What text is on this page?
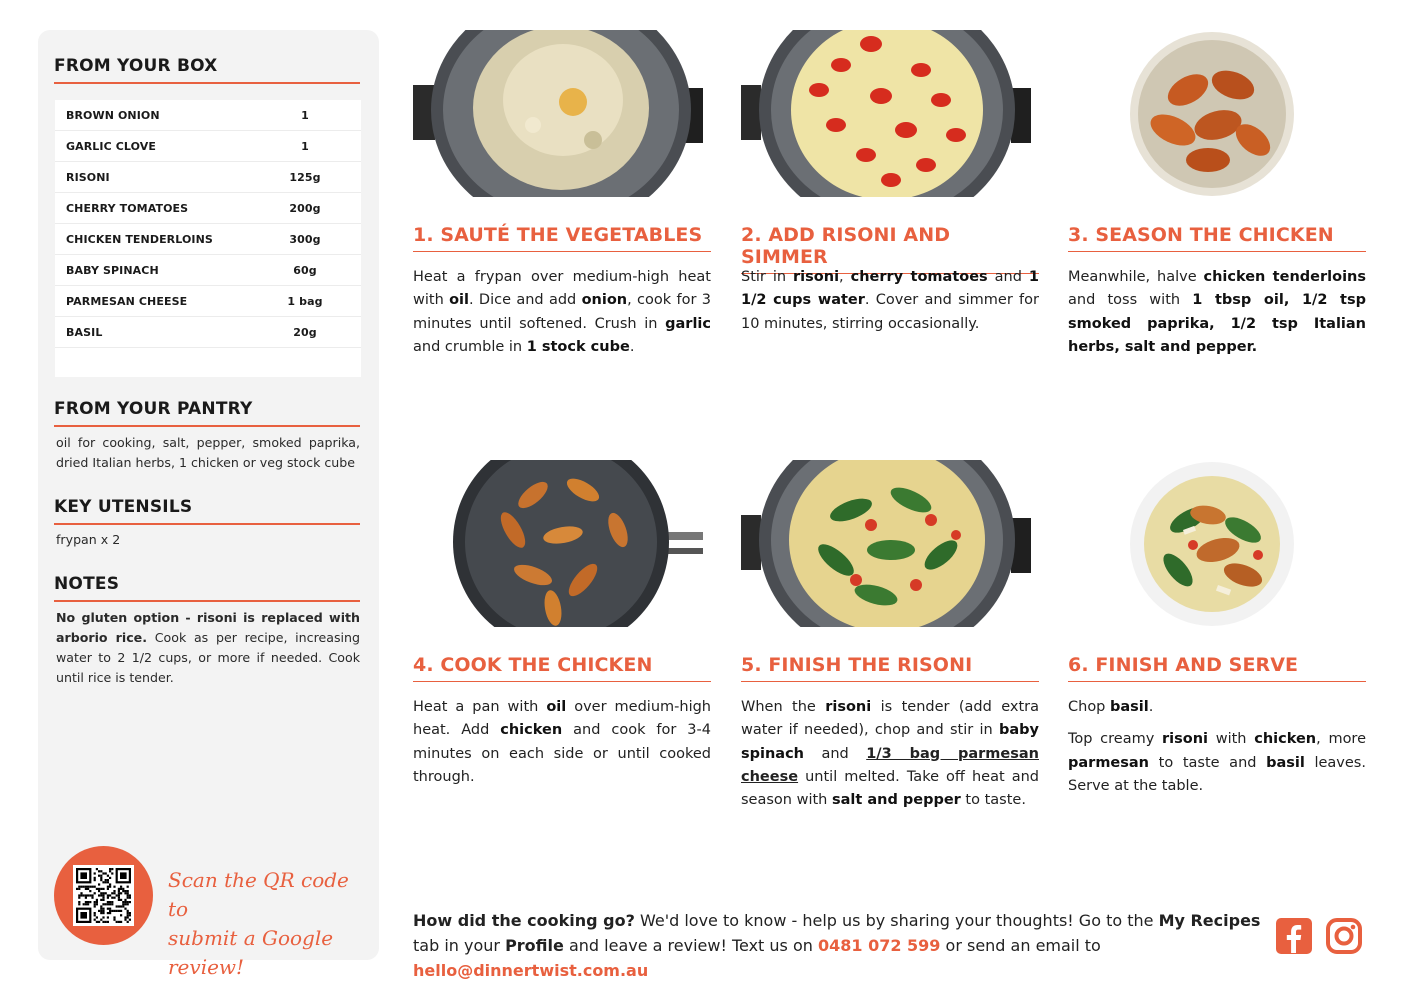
FROM YOUR BOX
BROWN ONION	1
GARLIC CLOVE	1
RISONI	125g
CHERRY TOMATOES	200g
CHICKEN TENDERLOINS	300g
BABY SPINACH	60g
PARMESAN CHEESE	1 bag
BASIL	20g
FROM YOUR PANTRY
oil for cooking, salt, pepper, smoked paprika, dried Italian herbs, 1 chicken or veg stock cube
KEY UTENSILS
frypan x 2
NOTES
No gluten option - risoni is replaced with arborio rice. Cook as per recipe, increasing water to 2 1/2 cups, or more if needed. Cook until rice is tender.
Scan the QR code to
submit a Google review!
1. SAUTÉ THE VEGETABLES

Heat a frypan over medium-high heat with oil. Dice and add onion, cook for 3 minutes until softened. Crush in garlic and crumble in 1 stock cube.

2. ADD RISONI AND SIMMER

Stir in risoni, cherry tomatoes and 1 1/2 cups water. Cover and simmer for 10 minutes, stirring occasionally.

3. SEASON THE CHICKEN

Meanwhile, halve chicken tenderloins and toss with 1 tbsp oil, 1/2 tsp smoked paprika, 1/2 tsp Italian herbs, salt and pepper.

4. COOK THE CHICKEN

Heat a pan with oil over medium-high heat. Add chicken and cook for 3-4 minutes on each side or until cooked through.

5. FINISH THE RISONI

When the risoni is tender (add extra water if needed), chop and stir in baby spinach and 1/3 bag parmesan cheese until melted. Take off heat and season with salt and pepper to taste.

6. FINISH AND SERVE

Chop basil.

Top creamy risoni with chicken, more parmesan to taste and basil leaves. Serve at the table.

How did the cooking go? We'd love to know - help us by sharing your thoughts! Go to the My Recipes tab in your Profile and leave a review! Text us on 0481 072 599 or send an email to hello@dinnertwist.com.au
